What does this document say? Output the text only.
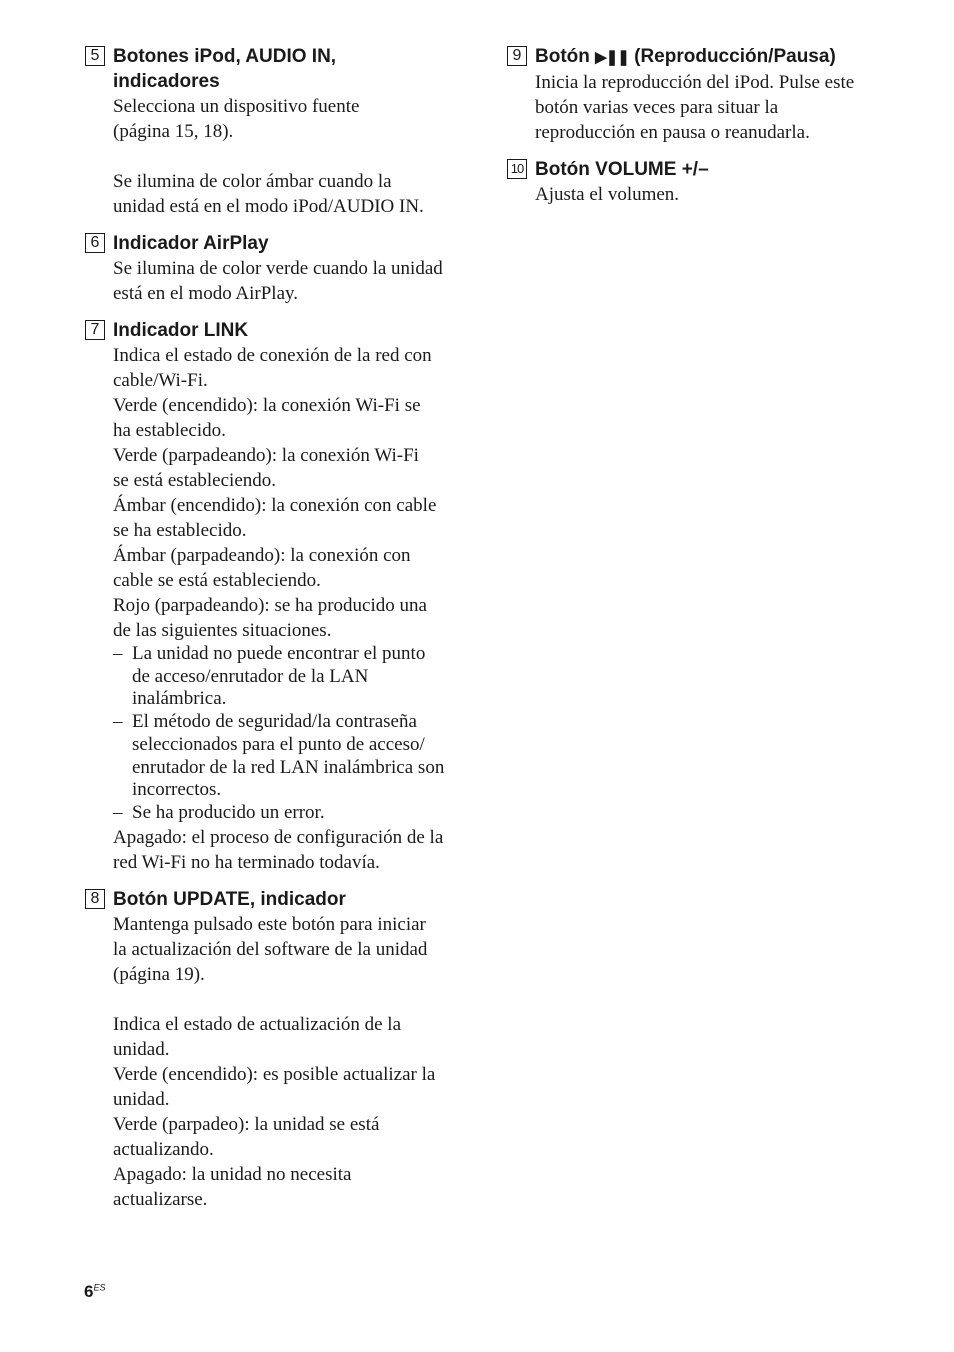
5 Botones iPod, AUDIO IN,
indicadores
Selecciona un dispositivo fuente
(página 15, 18).
Se ilumina de color ámbar cuando la
unidad está en el modo iPod/AUDIO IN.
6 Indicador AirPlay
Se ilumina de color verde cuando la unidad
está en el modo AirPlay.
7 Indicador LINK
Indica el estado de conexión de la red con
cable/Wi-Fi.
Verde (encendido): la conexión Wi-Fi se
ha establecido.
Verde (parpadeando): la conexión Wi-Fi
se está estableciendo.
Ámbar (encendido): la conexión con cable
se ha establecido.
Ámbar (parpadeando): la conexión con
cable se está estableciendo.
Rojo (parpadeando): se ha producido una
de las siguientes situaciones.
– La unidad no puede encontrar el punto
de acceso/enrutador de la LAN
inalámbrica.
– El método de seguridad/la contraseña
seleccionados para el punto de acceso/
enrutador de la red LAN inalámbrica son
incorrectos.
– Se ha producido un error.
Apagado: el proceso de configuración de la
red Wi-Fi no ha terminado todavía.
8 Botón UPDATE, indicador
Mantenga pulsado este botón para iniciar
la actualización del software de la unidad
(página 19).
Indica el estado de actualización de la
unidad.
Verde (encendido): es posible actualizar la
unidad.
Verde (parpadeo): la unidad se está
actualizando.
Apagado: la unidad no necesita
actualizarse.
9 Botón ▶❚❚ (Reproducción/Pausa)
Inicia la reproducción del iPod. Pulse este
botón varias veces para situar la
reproducción en pausa o reanudarla.
10 Botón VOLUME +/–
Ajusta el volumen.
$6^{ES}$
